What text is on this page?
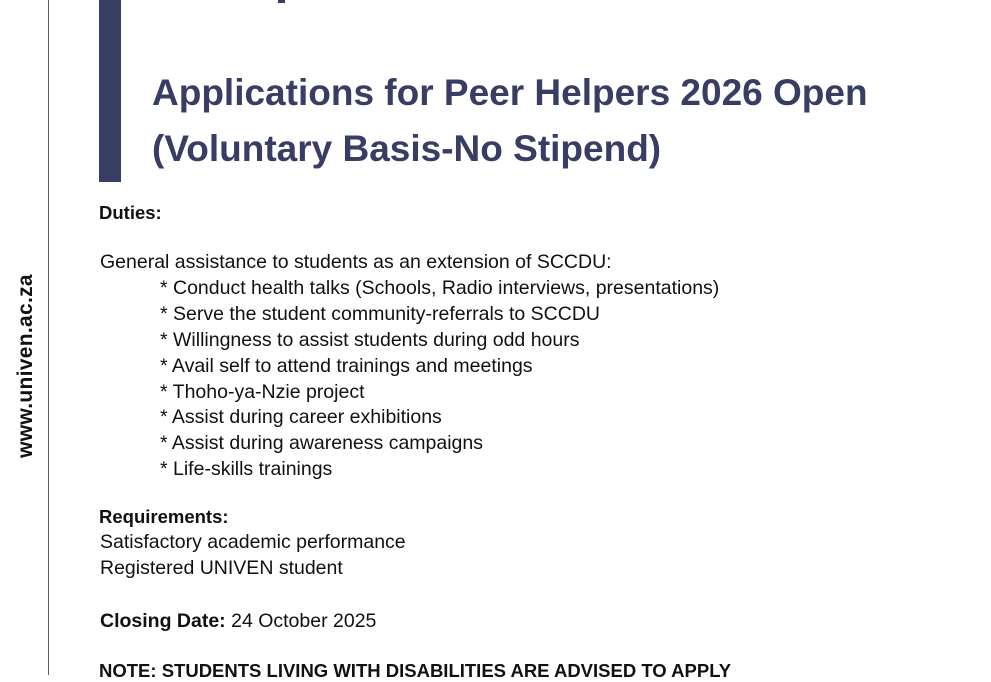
www.univen.ac.za
Applications for Peer Helpers 2026 Open
(Voluntary Basis-No Stipend)
Duties:
General assistance to students as an extension of SCCDU:
* Conduct health talks (Schools, Radio interviews, presentations)
* Serve the student community-referrals to SCCDU
* Willingness to assist students during odd hours
* Avail self to attend trainings and meetings
* Thoho-ya-Nzie project
* Assist during career exhibitions
* Assist during awareness campaigns
* Life-skills trainings
Requirements:
Satisfactory academic performance
Registered UNIVEN student
Closing Date: 24 October 2025
NOTE: STUDENTS LIVING WITH DISABILITIES ARE ADVISED TO APPLY
